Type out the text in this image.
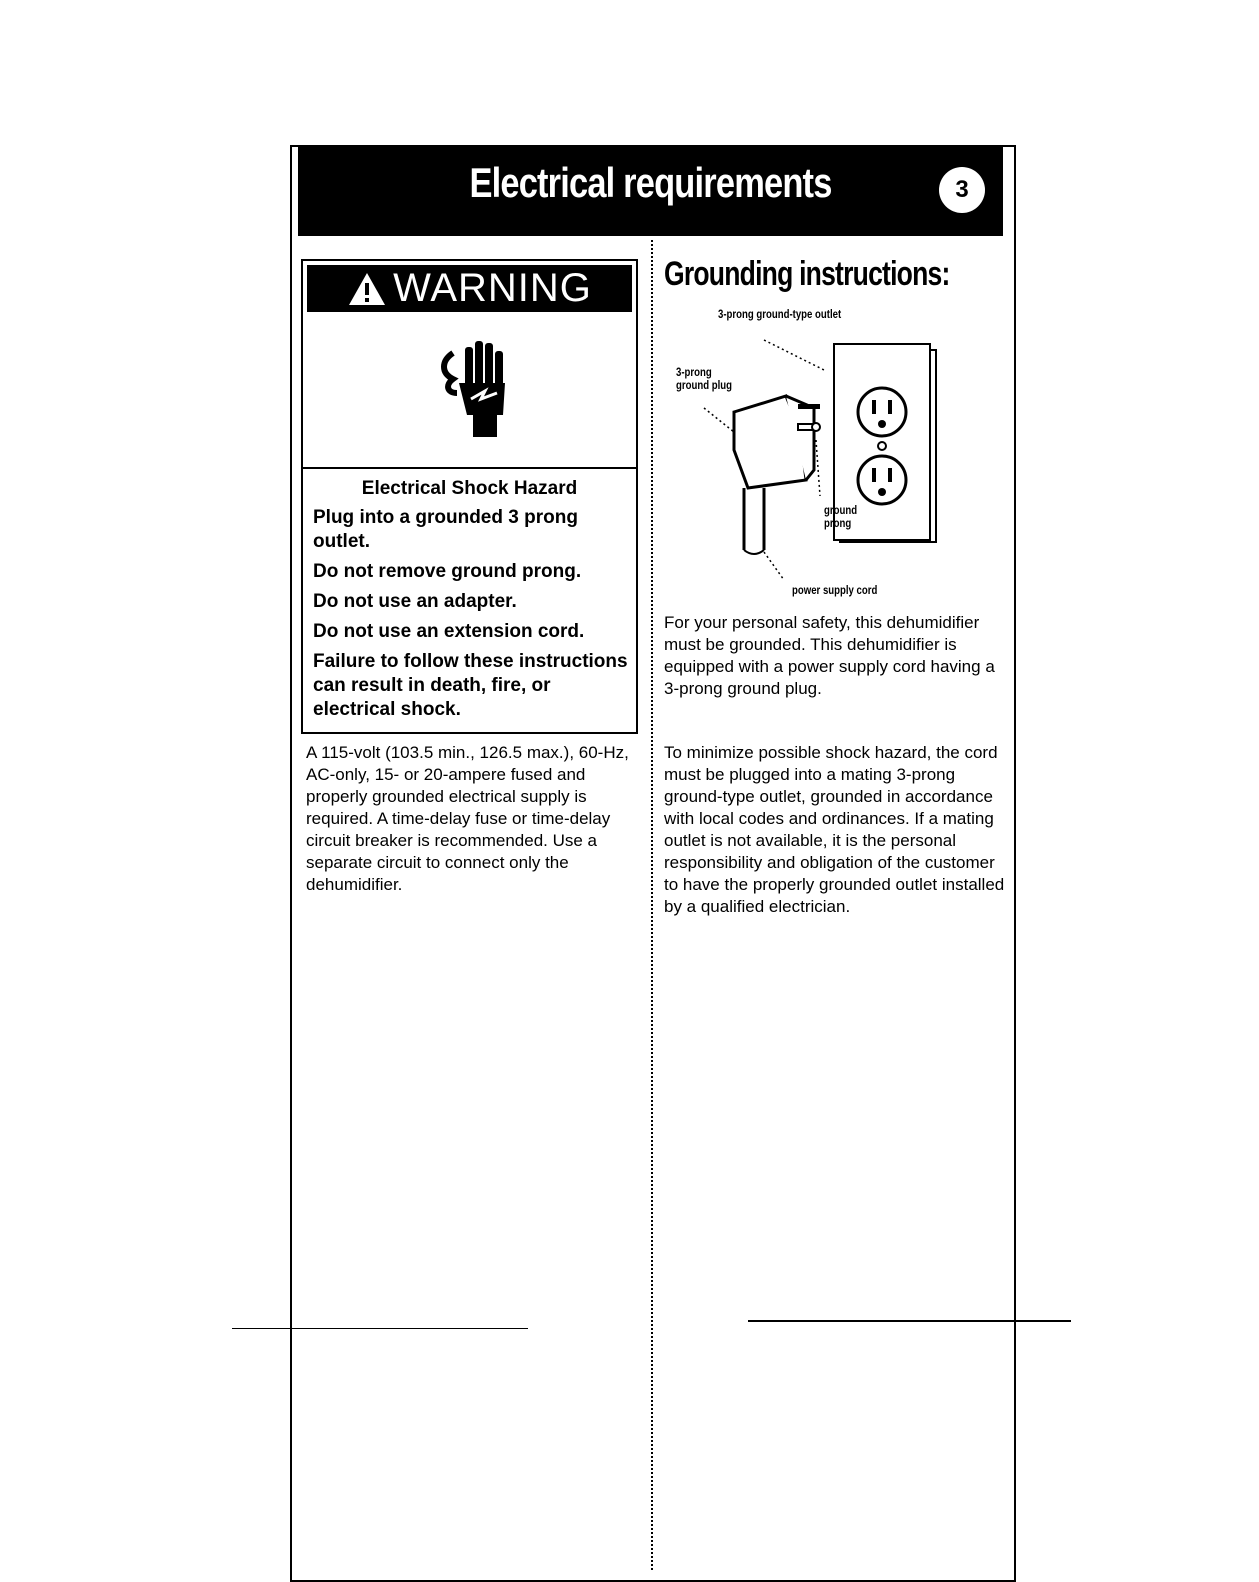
Electrical requirements	3
WARNING
Electrical Shock Hazard
Plug into a grounded 3 prong outlet.
Do not remove ground prong.
Do not use an adapter.
Do not use an extension cord.
Failure to follow these instructions can result in death, fire, or electrical shock.
A 115-volt (103.5 min., 126.5 max.), 60-Hz, AC-only, 15- or 20-ampere fused and properly grounded electrical supply is required. A time-delay fuse or time-delay circuit breaker is recommended. Use a separate circuit to connect only the dehumidifier.
Grounding instructions:
3-prong ground-type outlet
3-prong ground plug
ground prong
power supply cord
For your personal safety, this dehumidifier must be grounded. This dehumidifier is equipped with a power supply cord having a 3-prong ground plug.
To minimize possible shock hazard, the cord must be plugged into a mating 3-prong ground-type outlet, grounded in accordance with local codes and ordinances. If a mating outlet is not available, it is the personal responsibility and obligation of the customer to have the properly grounded outlet installed by a qualified electrician.
